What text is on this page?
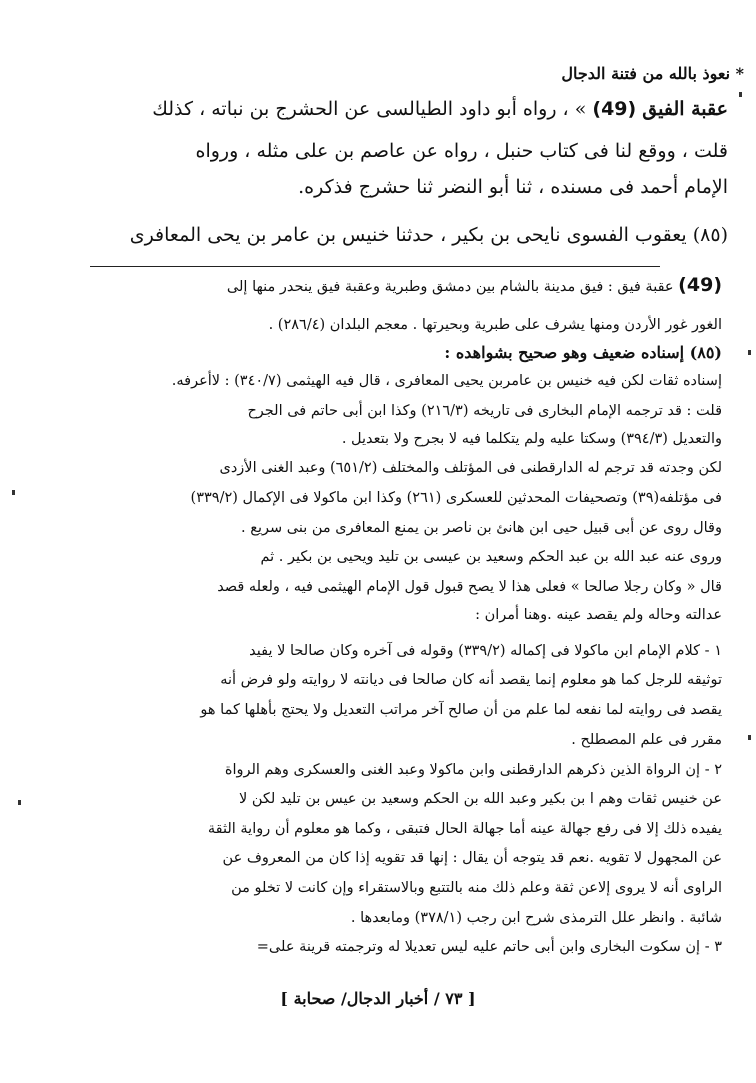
* نعوذ بالله من فتنة الدجال
عقبة الفيق (49) » ، رواه أبو داود الطيالسى عن الحشرج بن نباته ، كذلك
قلت ، ووقع لنا فى كتاب حنبل ، رواه عن عاصم بن على مثله ، ورواه
الإمام أحمد فى مسنده ، ثنا أبو النضر ثنا حشرج فذكره.
(٨٥) يعقوب الفسوى نايحى بن بكير ، حدثنا خنيس بن عامر بن يحى المعافرى
(49) عقبة فيق : فيق مدينة بالشام بين دمشق وطبرية وعقبة فيق ينحدر منها إلى
الغور غور الأردن ومنها يشرف على طبرية وبحيرتها . معجم البلدان (٢٨٦/٤) .
(٨٥) إسناده ضعيف وهو صحيح بشواهده :
إسناده ثقات لكن فيه خنيس بن عامربن يحيى المعافرى ، قال فيه الهيثمى (٣٤٠/٧) : لاأعرفه.
قلت : قد ترجمه الإمام البخارى فى تاريخه (٢١٦/٣) وكذا ابن أبى حاتم فى الجرح
والتعديل (٣٩٤/٣) وسكتا عليه ولم يتكلما فيه لا بجرح ولا بتعديل .
لكن وجدته قد ترجم له الدارقطنى فى المؤتلف والمختلف (٦٥١/٢) وعبد الغنى الأزدى
فى مؤتلفه(٣٩) وتصحيفات المحدثين للعسكرى (٢٦١) وكذا ابن ماكولا فى الإكمال (٣٣٩/٢)
وقال روى عن أبى قبيل حيى ابن هانئ بن ناصر بن يمنع المعافرى من بنى سريع .
وروى عنه عبد الله بن عبد الحكم وسعيد بن عيسى بن تليد ويحيى بن بكير . ثم
قال « وكان رجلا صالحا » فعلى هذا لا يصح قبول قول الإمام الهيثمى فيه ، ولعله قصد
عدالته وحاله ولم يقصد عينه .وهنا أمران :
١ - كلام الإمام ابن ماكولا فى إكماله (٣٣٩/٢) وقوله فى آخره وكان صالحا لا يفيد
توثيقه للرجل كما هو معلوم إنما يقصد أنه كان صالحا فى ديانته لا روايته ولو فرض أنه
يقصد فى روايته لما نفعه لما علم من أن صالح آخر مراتب التعديل ولا يحتج بأهلها كما هو
مقرر فى علم المصطلح .
٢ - إن الرواة الذين ذكرهم الدارقطنى وابن ماكولا وعبد الغنى والعسكرى وهم الرواة
عن خنيس ثقات وهم ا بن بكير وعبد الله بن الحكم وسعيد بن عيس بن تليد لكن لا
يفيده ذلك إلا فى رفع جهالة عينه أما جهالة الحال فتبقى ، وكما هو معلوم أن رواية الثقة
عن المجهول لا تقويه .نعم قد يتوجه أن يقال : إنها قد تقويه إذا كان من المعروف عن
الراوى أنه لا يروى إلاعن ثقة وعلم ذلك منه بالتتبع وبالاستقراء وإن كانت لا تخلو من
شائبة . وانظر علل الترمذى شرح ابن رجب (٣٧٨/١) ومابعدها .
٣ - إن سكوت البخارى وابن أبى حاتم عليه ليس تعديلا له وترجمته قرينة على=
[ ٧٣ / أخبار الدجال/ صحابة ]
